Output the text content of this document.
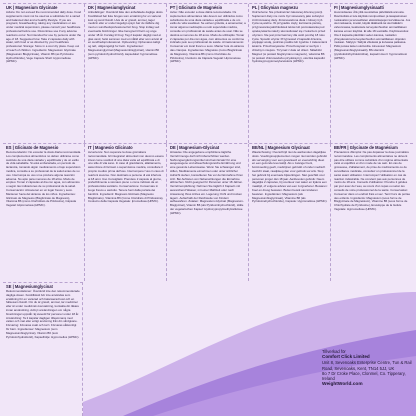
UK | Magnesium Glycinate

Advice: Do not exceed the recommended daily dose. Food supplements must not be used as a substitute for a varied and balanced diet and a healthy lifestyle. If you are pregnant, breastfeeding, taking any medications or are under medical supervision, please consult your healthcare professional before use. Discontinue use if any adverse reactions occur. Not intended for use by persons under the age of 18. Suggested Use: Take 2 capsules daily with water, with food or as directed by your healthcare professional. Storage: Store in a cool dry place. Keep out of reach of children. Ingredients: Magnesium Glycinate (Magnesium Bisglycinate), Vitamin B6 (as Pyridoxine Hydrochloride), Vege Capsule Shell: Hypromellose (HPMC).

DK | Magnesiumglycinat

Anbefalinger: Overskrid ikke den anbefalede daglige dosis. Kosttilskud bør ikke bruges som erstatning for en varieret kost og sund livsstil. Hvis du er gravid, ammer, tager medicin eller er under lægeligt opsyn bør du rådføre dig med en sundhedsprofessionel før brug. Stop indtag ved eventuelle bivirkninger. Ikke beregnet til børn og unge under 18 år. Forslag til brug: Tag 2 kapsler dagligt med et glas vand, helst sammen med et måltid eller som anvist af en sundhedsprofessionel. Opbevaring: Opbevares køligt og tørt, utilgængeligt for børn. Ingredienser: Magnesiumglycinat (Magnesiumbisglycinat), vitamin B6 (som pyridoxinhydrochlorid), kapselskal: hypromellose (HPMC).

PT | Glicinato de Magnésio

Aviso: Não exceder a dose diária recomendada. Os suplementos alimentares não devem ser utilizados como substitutos de uma dieta variada e equilibrada e de um estilo de vida saudável. Se estiver grávida, a amamentar, a tomar alguma medicação ou sob supervisão médica, consulte um profissional de saúde antes de usar. Não se destina a menores de 18 anos. Modo de utilização: Tomar 2 cápsulas por dia com água, com alimentos ou conforme indicado pelo seu profissional de saúde. Armazenamento: Conservar em local fresco e seco. Manter fora do alcance das crianças. Ingredientes: Magnésio (como Bisglicinato de Magnésio), Vitamina B6 (como Cloridrato de Piridoxina), Invólucro da Cápsula Vegetal: Hipromelose (HPMC).

PL | Glicynian magnezu

Ostrzeżenie: Nie przekraczać zalecanej dziennej porcji. Suplement diety nie może być stosowany jako substytut zróżnicowanej diety. Zrównoważona dieta i zdrowy tryb życia są ważne. W przypadku ciąży, karmienia piersią, przyjmowania jakichkolwiek leków lub pozostawania pod opieką lekarza należy skonsultować się z lekarzem przed użyciem. Nie jest przeznaczony dla osób poniżej 18 roku życia. Sposób użycia: Przyjmować 2 kapsułki dziennie, popijając wodą, podczas posiłku lub zgodnie z zaleceniami lekarza. Przechowywanie: Przechowywać w suchym i chłodnym miejscu. Trzymać z dala od dzieci. Składniki: Magnez (w postaci bisglicynianu magnezu), witamina B6 (w postaci chlorowodorku pirydoksyny), otoczka kapsułki: hydroksypropylometyloceluloza (HPMC).

FI | Magnesiumglysinaatti

Huomioitavaa: Älä ylitä suositeltua päivittäistä annosta. Ravintolisiä ei tule käyttää monipuolisen ja tasapainoisen ruokavalion ja terveellisten elämäntapojen korvikkeena. Jos olet raskaana, imetät, käytät lääkkeitä tai olet lääkärin valvonnassa, keskustele terveydenhuollon ammattilaisen kanssa ennen käyttöä. Ei alle 18-vuotiaille. Käyttösuositus: Ota 2 kapselia päivittäin veden kanssa, ruokailun yhteydessä tai terveydenhuollon ammattilaisen ohjeiden mukaan. Säilytys: Säilytä viileässä ja kuivassa paikassa. Pidä poissa lasten ulottuvilta. Ainesosat: Magnesium (Magnesiumbisglysinaatti), B6-vitamiini (pyridoksiinihydrokloridina), kapselin kuori: hypromelloosi (HPMC).

ES | Glicinato de Magnesio

Recomendación: No exceder la dosis diaria recomendada. Los complementos alimenticios no deben utilizarse como sustituto de una dieta variada y equilibrada y de un estilo de vida saludable. Si está embarazada, en período de lactancia, tomando algún medicamento o bajo supervisión médica, consulte a su profesional de la salud antes de su uso. Interrumpa su uso si se produce alguna reacción adversa. No apto para menores de 18 años. Modo de empleo: Tomar 2 cápsulas al día con agua, con alimentos o según las indicaciones de su profesional de la salud. Conservación: Almacenar en un lugar fresco y seco. Mantener fuera del alcance de los niños. Ingredientes: Glicinato de Magnesio (Bisglicinato de Magnesio), Vitamina B6 (como Clorhidrato de Piridoxina), Cápsula Vegetal: Hipromelosa (HPMC).

IT | Magnesio Glicinato

Avvertenze: Non superare la dose giornaliera raccomandata. Gli integratori alimentari non devono essere intesi come sostituti di una dieta varia ed equilibrata e di uno stile di vita sano. In caso di gravidanza, allattamento, assunzione di farmaci o supervisione medica, consultare il proprio medico prima dell'uso. Interrompere l'uso in caso di reazioni avverse. Non destinato a persone di età inferiore ai 18 anni. Uso Consigliato: Prendere 2 capsule al giorno, preferibilmente a stomaco pieno o come indicato da un professionista sanitario. Conservazione: Conservare in luogo fresco e asciutto. Tenere fuori dalla portata dei bambini. Ingredienti: Magnesio Glicinato (Magnesio Bisglicinato), Vitamina B6 (Come Cloridrato di Piridossina), Involucro della Capsula Vegetale: Ipromellosa (HPMC).

DE | Magnesium-Glycinat

Hinweise: Die angegebene empfohlene tägliche Verzehrmenge darf nicht überschritten werden. Nahrungsergänzungsmittel sind kein Ersatz für eine ausgewogene und abwechslungsreiche Ernährung und eine gesunde Lebensweise. Wenn Sie schwanger sind, stillen, Medikamente einnehmen oder unter ärztlicher Aufsicht stehen, konsultieren Sie vor der Einnahme Ihren Arzt. Bei Auftreten von Nebenwirkungen die Einnahme abbrechen. Nicht geeignet für Personen unter 18 Jahren. Verzehrempfehlung: Nehmen Sie täglich 2 Kapseln mit ausreichend Wasser, mit einer Mahlzeit oder nach Anweisung Ihres Arztes ein. Lagerung: Kühl und trocken lagern. Außerhalb der Reichweite von Kindern aufbewahren. Zutaten: Magnesium-Glycinat (Magnesium-Bisglycinat), Vitamin B6 (als Pyridoxinhydrochlorid), Hülle der vegetarischen Kapsel: Hydroxypropylmethylcellulose (HPMC).

BE/NL | Magnesium Glycinaat

Waarschuwing: Overschrijd niet de aanbevolen dagelijkse dosis. Voedingssupplementen mogen niet worden gebruikt als vervanging voor een gevarieerd en evenwichtig dieet en een gezonde levensstijl. Als u zwanger bent, borstvoeding geeft, medicijnen gebruikt of onder medisch toezicht staat, raadpleeg dan voor gebruik uw arts. Stop het gebruik bij eventuele bijwerkingen. Niet geschikt voor personen jonger dan 18 jaar. Aanbevolen gebruik: Neem dagelijks 2 capsules, bij voorkeur met water en tijdens een maaltijd, of volgens advies van een zorgverlener. Bewaren: Koel en droog bewaren. Buiten bereik van kinderen bewaren. Ingrediënten: Magnesium (als Magnesiumbisglycinaat), Vitamine B6 (als Pyridoxinehydrochloride), Capsule: Hypromellose (HPMC).

BE/FR | Glycinate de Magnésium

Précautions d'Emploi: Ne pas dépasser la dose journalière recommandée. Les compléments alimentaires ne doivent pas être utilisés comme substituts d'un régime alimentaire varié et équilibré et d'un mode de vie sain. En cas de grossesse, d'allaitement, de prise de médicaments ou de surveillance médicale, consultez un professionnel de la santé avant utilisation. Interrompez l'utilisation en cas de réaction indésirable. Ne convient pas aux personnes de moins de 18 ans. Conseils d'utilisation: Prendre 2 gélules par jour avec de l'eau, au cours d'un repas ou selon les conseils de votre professionnel de la santé. Conservation: Conserver dans un endroit frais et sec. Tenir hors de portée des enfants. Ingrédients: Magnésium (sous forme de Bisglycinate de Magnésium), Vitamine B6 (sous forme de Chlorhydrate de Pyridoxine), Enveloppe de la Gélule Végétale: Hypromellose (HPMC).

SE | Magnesiumglycinat

Rekommendationer: Överskrid inte den rekommenderade dagliga dosen. Kosttillskott bör inte användas som ersättning för en varierad och balanserad kost och en hälsosam livsstil. Om du är gravid, ammar, tar mediciner eller är under medicinsk övervakning, kontakta din läkare innan användning. Avbryt användningen om några biverkningar uppstår. Ej avsedd för personer under 18 år. Användning: Ta 2 kapslar dagligen tillsammans med vatten och mat eller enligt anvisning från din vårdgivare. Förvaring: Förvaras svalt och torrt. Förvaras oåtkomligt för barn. Ingredienser: Magnesium (som Magnesiumbisglycinat), Vitamin B6 (som Pyridoxinhydroklorid), Kapselhölje: Hypromellos (HPMC).

Tillverkad för
Comfort Click Limited

Unit 8, Sevenoaks Enterprise Centre, Tun & Rail Road, Sevenoaks, Kent, TN14 5JJ, UK

8o 7 Dr Croke Place, Clonmel, Co. Tipperary, Ireland

WeightWorld.com
